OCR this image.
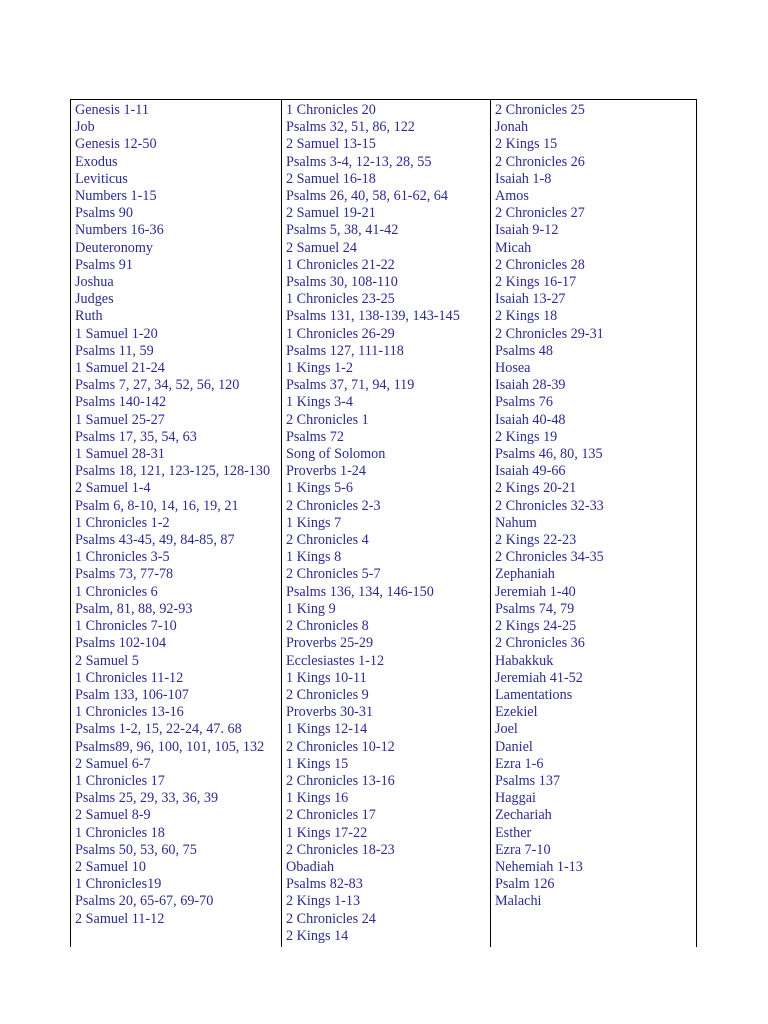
Genesis 1-11
Job
Genesis 12-50
Exodus
Leviticus
Numbers 1-15
Psalms 90
Numbers 16-36
Deuteronomy
Psalms 91
Joshua
Judges
Ruth
1 Samuel 1-20
Psalms 11, 59
1 Samuel 21-24
Psalms 7, 27, 34, 52, 56, 120
Psalms 140-142
1 Samuel 25-27
Psalms 17, 35, 54, 63
1 Samuel 28-31
Psalms 18, 121, 123-125, 128-130
2 Samuel 1-4
Psalm 6, 8-10, 14, 16, 19, 21
1 Chronicles 1-2
Psalms 43-45, 49, 84-85, 87
1 Chronicles 3-5
Psalms 73, 77-78
1 Chronicles 6
Psalm, 81, 88, 92-93
1 Chronicles 7-10
Psalms 102-104
2 Samuel 5
1 Chronicles 11-12
Psalm 133, 106-107
1 Chronicles 13-16
Psalms 1-2, 15, 22-24, 47. 68
Psalms89, 96, 100, 101, 105, 132
2 Samuel 6-7
1 Chronicles 17
Psalms 25, 29, 33, 36, 39
2 Samuel 8-9
1 Chronicles 18
Psalms 50, 53, 60, 75
2 Samuel 10
1 Chronicles19
Psalms 20, 65-67, 69-70
2 Samuel 11-12
1 Chronicles 20
Psalms 32, 51, 86, 122
2 Samuel 13-15
Psalms 3-4, 12-13, 28, 55
2 Samuel 16-18
Psalms 26, 40, 58, 61-62, 64
2 Samuel 19-21
Psalms 5, 38, 41-42
2 Samuel 24
1 Chronicles 21-22
Psalms 30, 108-110
1 Chronicles 23-25
Psalms 131, 138-139, 143-145
1 Chronicles 26-29
Psalms 127, 111-118
1 Kings 1-2
Psalms 37, 71, 94, 119
1 Kings 3-4
2 Chronicles 1
Psalms 72
Song of Solomon
Proverbs 1-24
1 Kings 5-6
2 Chronicles 2-3
1 Kings 7
2 Chronicles 4
1 Kings 8
2 Chronicles 5-7
Psalms 136, 134, 146-150
1 King 9
2 Chronicles 8
Proverbs 25-29
Ecclesiastes 1-12
1 Kings 10-11
2 Chronicles 9
Proverbs 30-31
1 Kings 12-14
2 Chronicles 10-12
1 Kings 15
2 Chronicles 13-16
1 Kings 16
2 Chronicles 17
1 Kings 17-22
2 Chronicles 18-23
Obadiah
Psalms 82-83
2 Kings 1-13
2 Chronicles 24
2 Kings 14
2 Chronicles 25
Jonah
2 Kings 15
2 Chronicles 26
Isaiah 1-8
Amos
2 Chronicles 27
Isaiah 9-12
Micah
2 Chronicles 28
2 Kings 16-17
Isaiah 13-27
2 Kings 18
2 Chronicles 29-31
Psalms 48
Hosea
Isaiah 28-39
Psalms 76
Isaiah 40-48
2 Kings 19
Psalms 46, 80, 135
Isaiah 49-66
2 Kings 20-21
2 Chronicles 32-33
Nahum
2 Kings 22-23
2 Chronicles 34-35
Zephaniah
Jeremiah 1-40
Psalms 74, 79
2 Kings 24-25
2 Chronicles 36
Habakkuk
Jeremiah 41-52
Lamentations
Ezekiel
Joel
Daniel
Ezra 1-6
Psalms 137
Haggai
Zechariah
Esther
Ezra 7-10
Nehemiah 1-13
Psalm 126
Malachi
